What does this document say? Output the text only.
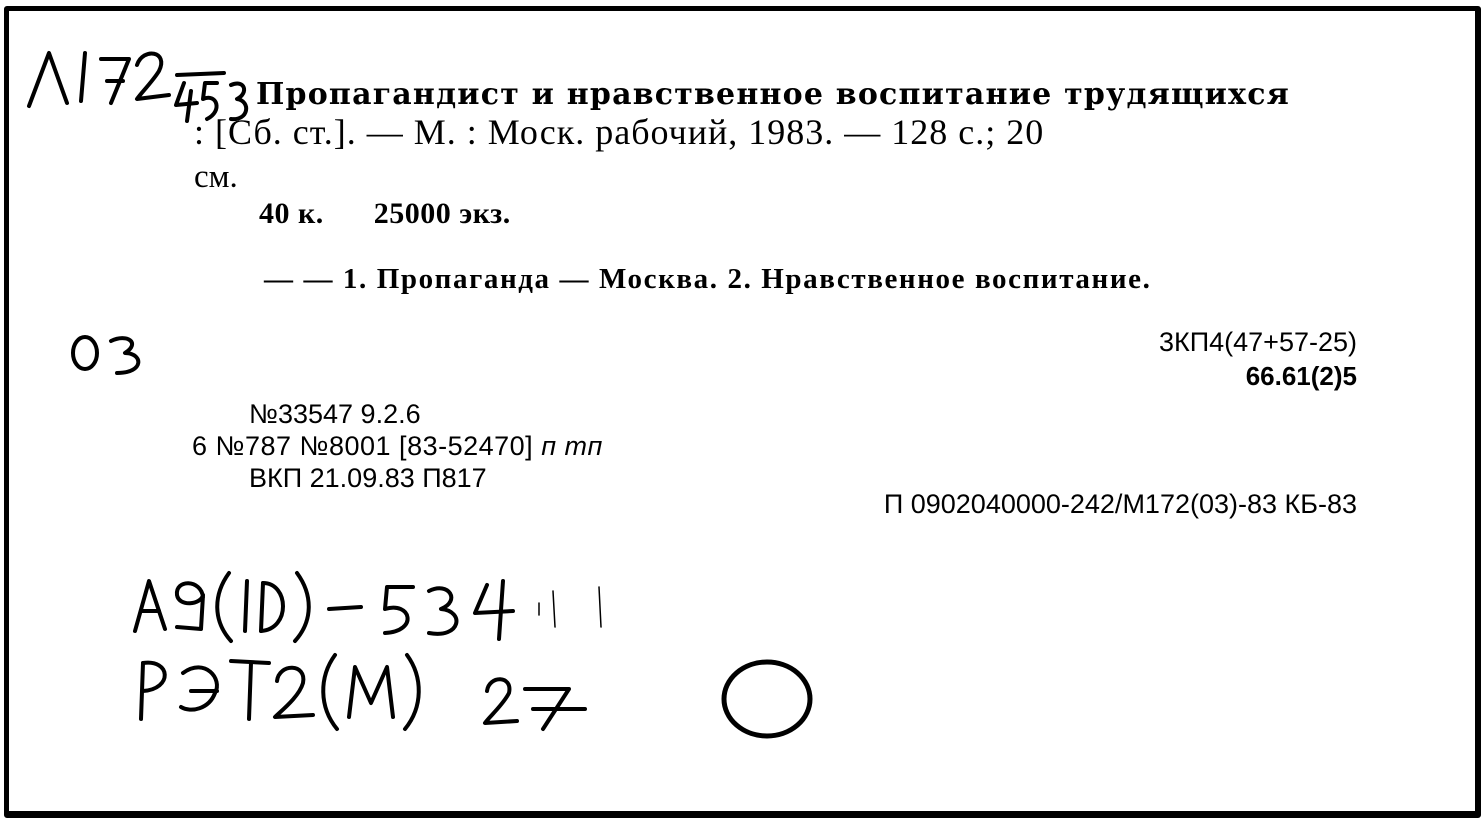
Пропагандист и нравственное воспитание трудящихся
: [Сб. ст.]. — М. : Моск. рабочий, 1983. — 128 с.; 20
см.
40 к. 25000 экз.
— — 1. Пропаганда — Москва. 2. Нравственное воспитание.
3КП4(47+57-25)
66.61(2)5
№33547 9.2.6
6 №787 №8001 [83-52470] п тп
ВКП 21.09.83 П817
П 0902040000-242/М172(03)-83 КБ-83
